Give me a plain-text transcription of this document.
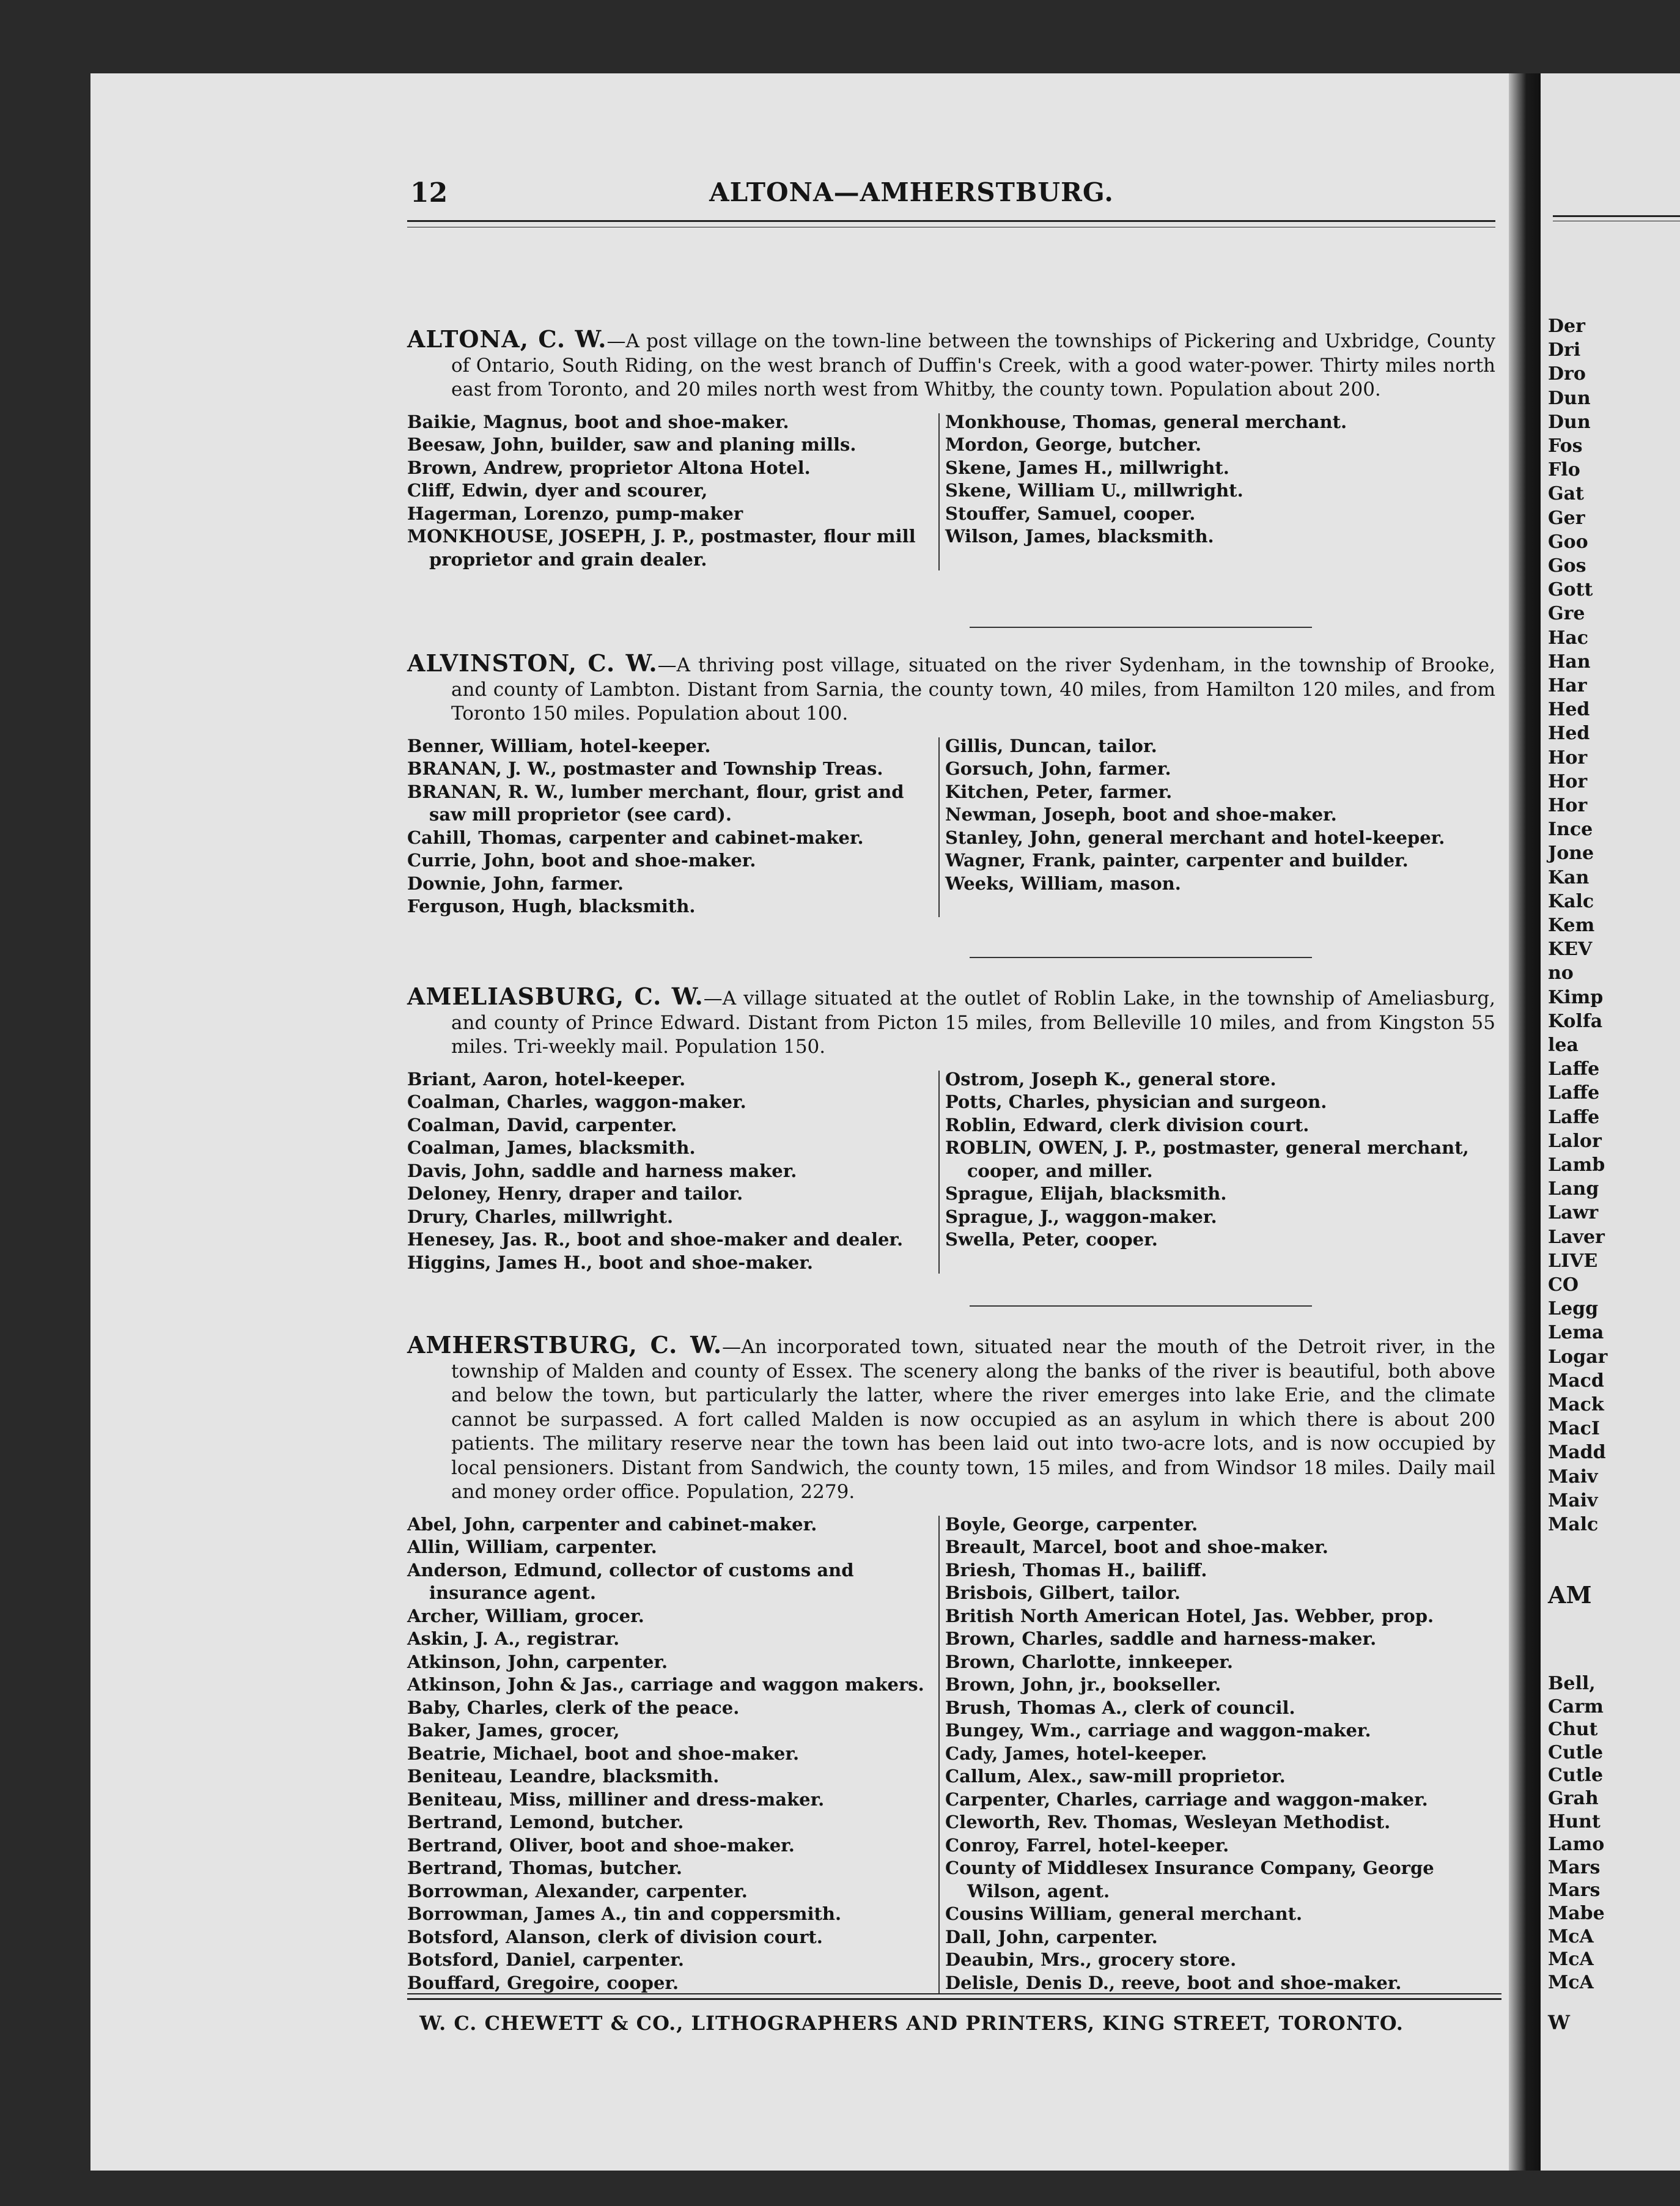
12	ALTONA—AMHERSTBURG.

ALTONA, C. W.—A post village on the town-line between the townships of Pickering and Uxbridge, County of Ontario, South Riding, on the west branch of Duffin's Creek, with a good water-power. Thirty miles north east from Toronto, and 20 miles north west from Whitby, the county town. Population about 200.

Baikie, Magnus, boot and shoe-maker.
Beesaw, John, builder, saw and planing mills.
Brown, Andrew, proprietor Altona Hotel.
Cliff, Edwin, dyer and scourer,
Hagerman, Lorenzo, pump-maker
MONKHOUSE, JOSEPH, J. P., postmaster, flour mill proprietor and grain dealer.
Monkhouse, Thomas, general merchant.
Mordon, George, butcher.
Skene, James H., millwright.
Skene, William U., millwright.
Stouffer, Samuel, cooper.
Wilson, James, blacksmith.

ALVINSTON, C. W.—A thriving post village, situated on the river Sydenham, in the township of Brooke, and county of Lambton. Distant from Sarnia, the county town, 40 miles, from Hamilton 120 miles, and from Toronto 150 miles. Population about 100.

Benner, William, hotel-keeper.
BRANAN, J. W., postmaster and Township Treas.
BRANAN, R. W., lumber merchant, flour, grist and saw mill proprietor (see card).
Cahill, Thomas, carpenter and cabinet-maker.
Currie, John, boot and shoe-maker.
Downie, John, farmer.
Ferguson, Hugh, blacksmith.
Gillis, Duncan, tailor.
Gorsuch, John, farmer.
Kitchen, Peter, farmer.
Newman, Joseph, boot and shoe-maker.
Stanley, John, general merchant and hotel-keeper.
Wagner, Frank, painter, carpenter and builder.
Weeks, William, mason.

AMELIASBURG, C. W.—A village situated at the outlet of Roblin Lake, in the township of Ameliasburg, and county of Prince Edward. Distant from Picton 15 miles, from Belleville 10 miles, and from Kingston 55 miles. Tri-weekly mail. Population 150.

Briant, Aaron, hotel-keeper.
Coalman, Charles, waggon-maker.
Coalman, David, carpenter.
Coalman, James, blacksmith.
Davis, John, saddle and harness maker.
Deloney, Henry, draper and tailor.
Drury, Charles, millwright.
Henesey, Jas. R., boot and shoe-maker and dealer.
Higgins, James H., boot and shoe-maker.
Ostrom, Joseph K., general store.
Potts, Charles, physician and surgeon.
Roblin, Edward, clerk division court.
ROBLIN, OWEN, J. P., postmaster, general merchant, cooper, and miller.
Sprague, Elijah, blacksmith.
Sprague, J., waggon-maker.
Swella, Peter, cooper.

AMHERSTBURG, C. W.—An incorporated town, situated near the mouth of the Detroit river, in the township of Malden and county of Essex. The scenery along the banks of the river is beautiful, both above and below the town, but particularly the latter, where the river emerges into lake Erie, and the climate cannot be surpassed. A fort called Malden is now occupied as an asylum in which there is about 200 patients. The military reserve near the town has been laid out into two-acre lots, and is now occupied by local pensioners. Distant from Sandwich, the county town, 15 miles, and from Windsor 18 miles. Daily mail and money order office. Population, 2279.

Abel, John, carpenter and cabinet-maker.
Allin, William, carpenter.
Anderson, Edmund, collector of customs and insurance agent.
Archer, William, grocer.
Askin, J. A., registrar.
Atkinson, John, carpenter.
Atkinson, John & Jas., carriage and waggon makers.
Baby, Charles, clerk of the peace.
Baker, James, grocer,
Beatrie, Michael, boot and shoe-maker.
Beniteau, Leandre, blacksmith.
Beniteau, Miss, milliner and dress-maker.
Bertrand, Lemond, butcher.
Bertrand, Oliver, boot and shoe-maker.
Bertrand, Thomas, butcher.
Borrowman, Alexander, carpenter.
Borrowman, James A., tin and coppersmith.
Botsford, Alanson, clerk of division court.
Botsford, Daniel, carpenter.
Bouffard, Gregoire, cooper.
Boyle, George, carpenter.
Breault, Marcel, boot and shoe-maker.
Briesh, Thomas H., bailiff.
Brisbois, Gilbert, tailor.
British North American Hotel, Jas. Webber, prop.
Brown, Charles, saddle and harness-maker.
Brown, Charlotte, innkeeper.
Brown, John, jr., bookseller.
Brush, Thomas A., clerk of council.
Bungey, Wm., carriage and waggon-maker.
Cady, James, hotel-keeper.
Callum, Alex., saw-mill proprietor.
Carpenter, Charles, carriage and waggon-maker.
Cleworth, Rev. Thomas, Wesleyan Methodist.
Conroy, Farrel, hotel-keeper.
County of Middlesex Insurance Company, George Wilson, agent.
Cousins William, general merchant.
Dall, John, carpenter.
Deaubin, Mrs., grocery store.
Delisle, Denis D., reeve, boot and shoe-maker.
W. C. CHEWETT & CO., LITHOGRAPHERS AND PRINTERS, KING STREET, TORONTO.
Der
Dri
Dro
Dun
Dun
Fos
Flo
Gat
Ger
Goo
Gos
Gott
Gre
Hac
Han
Har
Hed
Hed
Hor
Hor
Hor
Ince
Jone
Kan
Kalc
Kem
KEV
no
Kimp
Kolfa
lea
Laffe
Laffe
Laffe
Lalor
Lamb
Lang
Lawr
Laver
LIVE
CO
Legg
Lema
Logar
Macd
Mack
MacI
Madd
Maiv
Maiv
Malc
AM
Bell,
Carm
Chut
Cutle
Cutle
Grah
Hunt
Lamo
Mars
Mars
Mabe
McA
McA
McA
W
